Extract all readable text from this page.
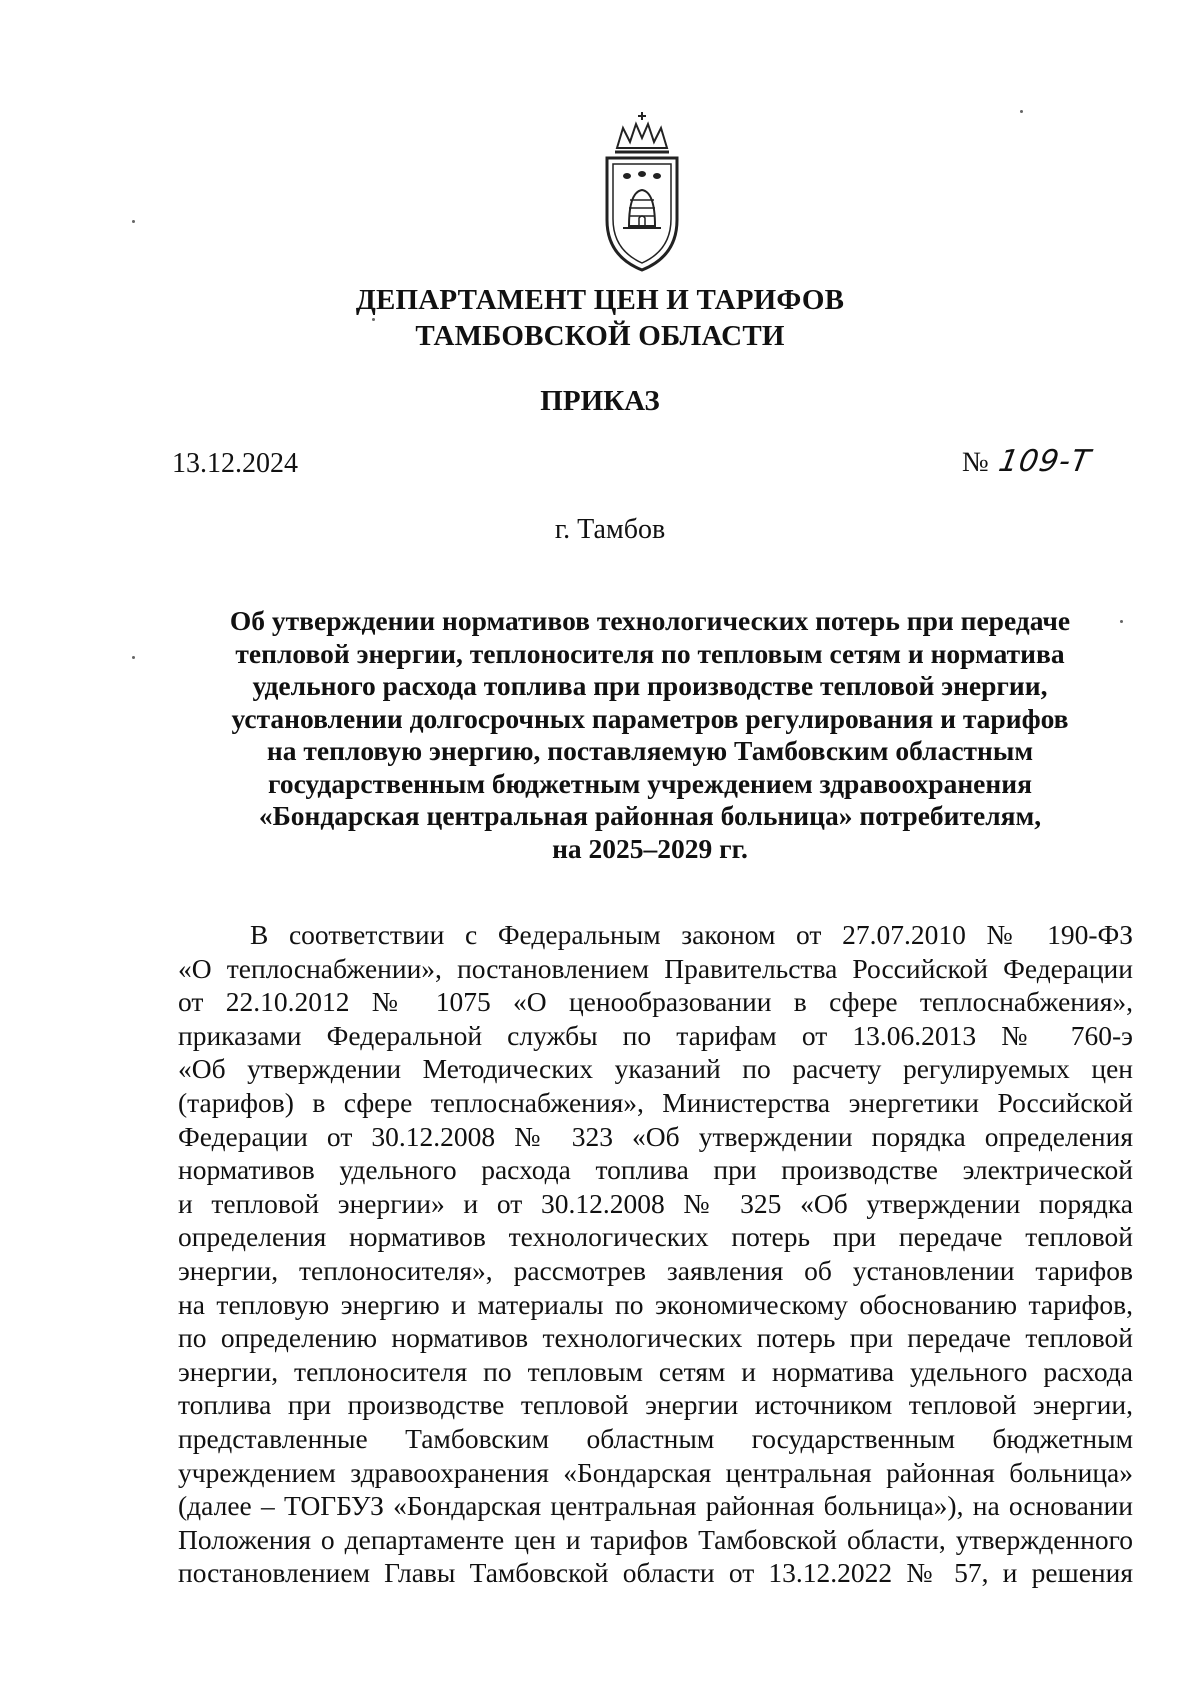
ДЕПАРТАМЕНТ ЦЕН И ТАРИФОВ
ТАМБОВСКОЙ ОБЛАСТИ
ПРИКАЗ
13.12.2024	№ 109-Т
г. Тамбов
Об утверждении нормативов технологических потерь при передаче
тепловой энергии, теплоносителя по тепловым сетям и норматива
удельного расхода топлива при производстве тепловой энергии,
установлении долгосрочных параметров регулирования и тарифов
на тепловую энергию, поставляемую Тамбовским областным
государственным бюджетным учреждением здравоохранения
«Бондарская центральная районная больница» потребителям,
на 2025–2029 гг.
В соответствии с Федеральным законом от 27.07.2010 № 190-ФЗ
«О теплоснабжении», постановлением Правительства Российской Федерации
от 22.10.2012 № 1075 «О ценообразовании в сфере теплоснабжения»,
приказами Федеральной службы по тарифам от 13.06.2013 № 760-э
«Об утверждении Методических указаний по расчету регулируемых цен
(тарифов) в сфере теплоснабжения», Министерства энергетики Российской
Федерации от 30.12.2008 № 323 «Об утверждении порядка определения
нормативов удельного расхода топлива при производстве электрической
и тепловой энергии» и от 30.12.2008 № 325 «Об утверждении порядка
определения нормативов технологических потерь при передаче тепловой
энергии, теплоносителя», рассмотрев заявления об установлении тарифов
на тепловую энергию и материалы по экономическому обоснованию тарифов,
по определению нормативов технологических потерь при передаче тепловой
энергии, теплоносителя по тепловым сетям и норматива удельного расхода
топлива при производстве тепловой энергии источником тепловой энергии,
представленные Тамбовским областным государственным бюджетным
учреждением здравоохранения «Бондарская центральная районная больница»
(далее – ТОГБУЗ «Бондарская центральная районная больница»), на основании
Положения о департаменте цен и тарифов Тамбовской области, утвержденного
постановлением Главы Тамбовской области от 13.12.2022 № 57, и решения
